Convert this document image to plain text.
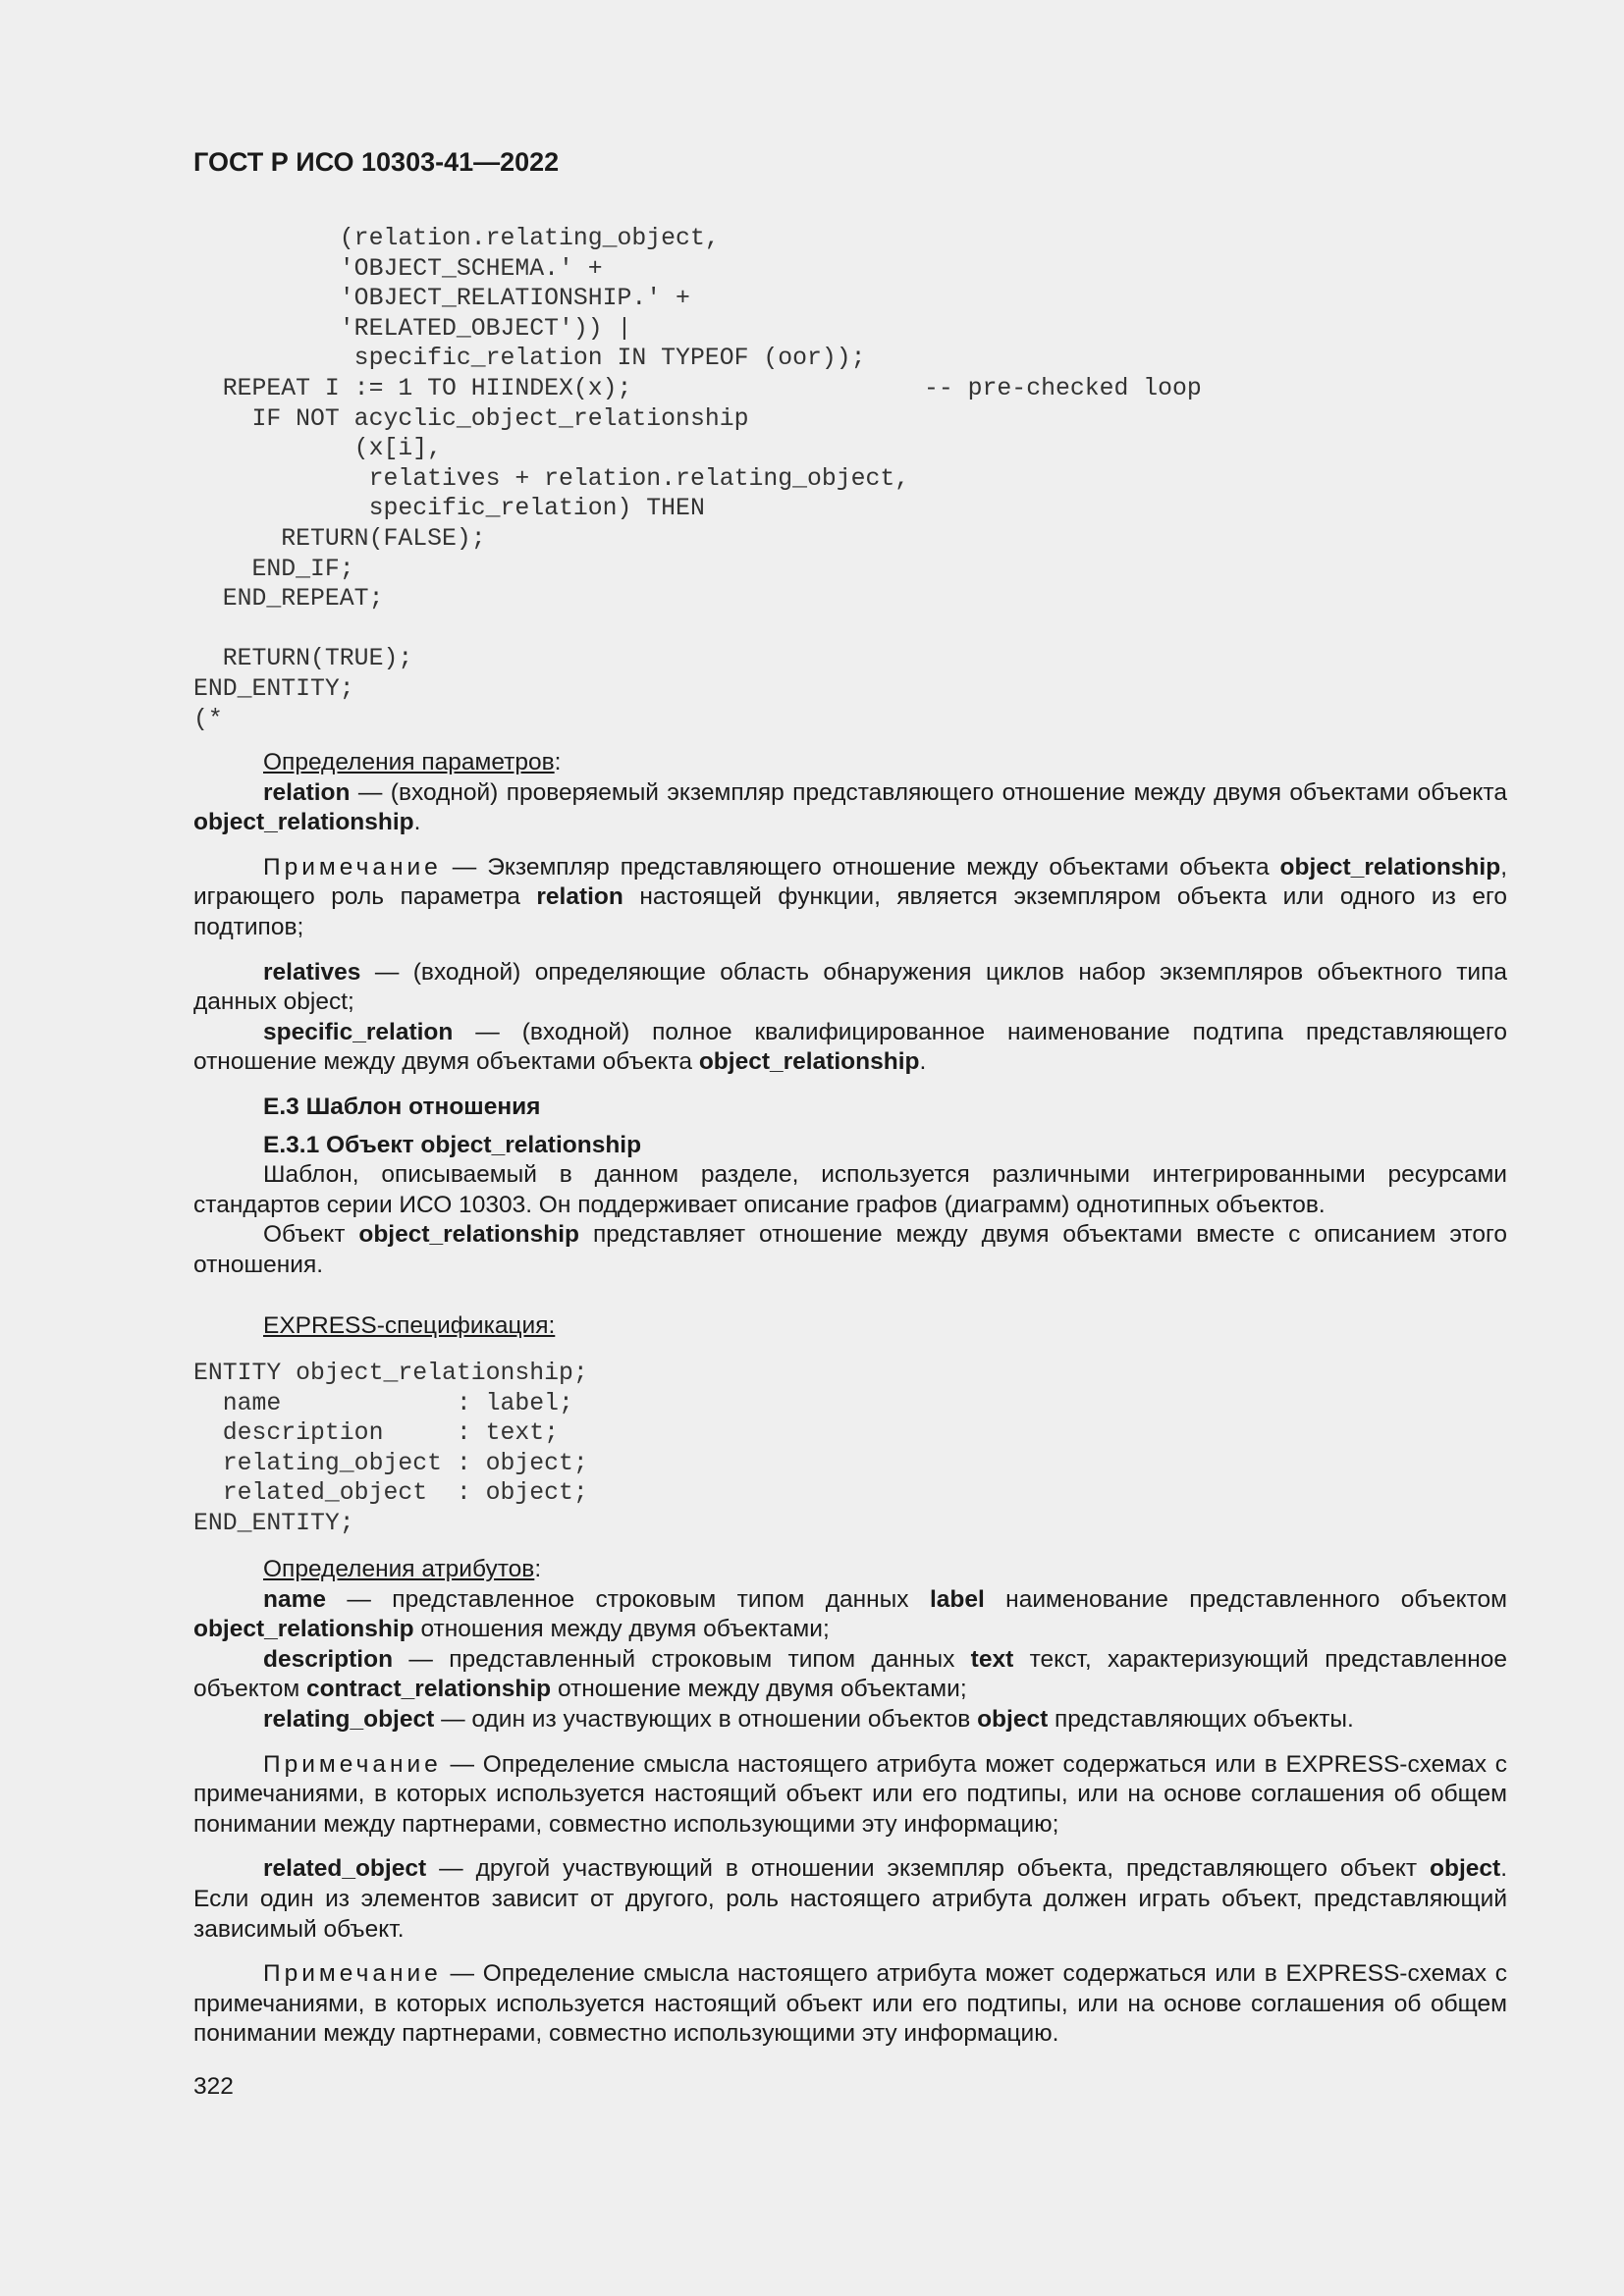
ГОСТ Р ИСО 10303-41—2022
(relation.relating_object,
'OBJECT_SCHEMA.' +
'OBJECT_RELATIONSHIP.' +
'RELATED_OBJECT')) |
specific_relation IN TYPEOF (oor));
REPEAT I := 1 TO HIINDEX(x);                    -- pre-checked loop
IF NOT acyclic_object_relationship
(x[i],
relatives + relation.relating_object,
specific_relation) THEN
RETURN(FALSE);
END_IF;
END_REPEAT;
RETURN(TRUE);
END_ENTITY;
(*

Определения параметров:

relation — (входной) проверяемый экземпляр представляющего отношение между двумя объектами объекта object_relationship.

Примечание — Экземпляр представляющего отношение между объектами объекта object_relationship, играющего роль параметра relation настоящей функции, является экземпляром объекта или одного из его подтипов;

relatives — (входной) определяющие область обнаружения циклов набор экземпляров объектного типа данных object;

specific_relation — (входной) полное квалифицированное наименование подтипа представляющего отношение между двумя объектами объекта object_relationship.

Е.3 Шаблон отношения

Е.3.1 Объект object_relationship

Шаблон, описываемый в данном разделе, используется различными интегрированными ресурсами стандартов серии ИСО 10303. Он поддерживает описание графов (диаграмм) однотипных объектов.

Объект object_relationship представляет отношение между двумя объектами вместе с описанием этого отношения.

EXPRESS-спецификация:

ENTITY object_relationship;
name            : label;
description     : text;
relating_object : object;
related_object  : object;
END_ENTITY;

Определения атрибутов:

name — представленное строковым типом данных label наименование представленного объектом object_relationship отношения между двумя объектами;

description — представленный строковым типом данных text текст, характеризующий представленное объектом contract_relationship отношение между двумя объектами;

relating_object — один из участвующих в отношении объектов object представляющих объекты.

Примечание — Определение смысла настоящего атрибута может содержаться или в EXPRESS-схемах с примечаниями, в которых используется настоящий объект или его подтипы, или на основе соглашения об общем понимании между партнерами, совместно использующими эту информацию;

related_object — другой участвующий в отношении экземпляр объекта, представляющего объект object. Если один из элементов зависит от другого, роль настоящего атрибута должен играть объект, представляющий зависимый объект.

Примечание — Определение смысла настоящего атрибута может содержаться или в EXPRESS-схемах с примечаниями, в которых используется настоящий объект или его подтипы, или на основе соглашения об общем понимании между партнерами, совместно использующими эту информацию.

322
